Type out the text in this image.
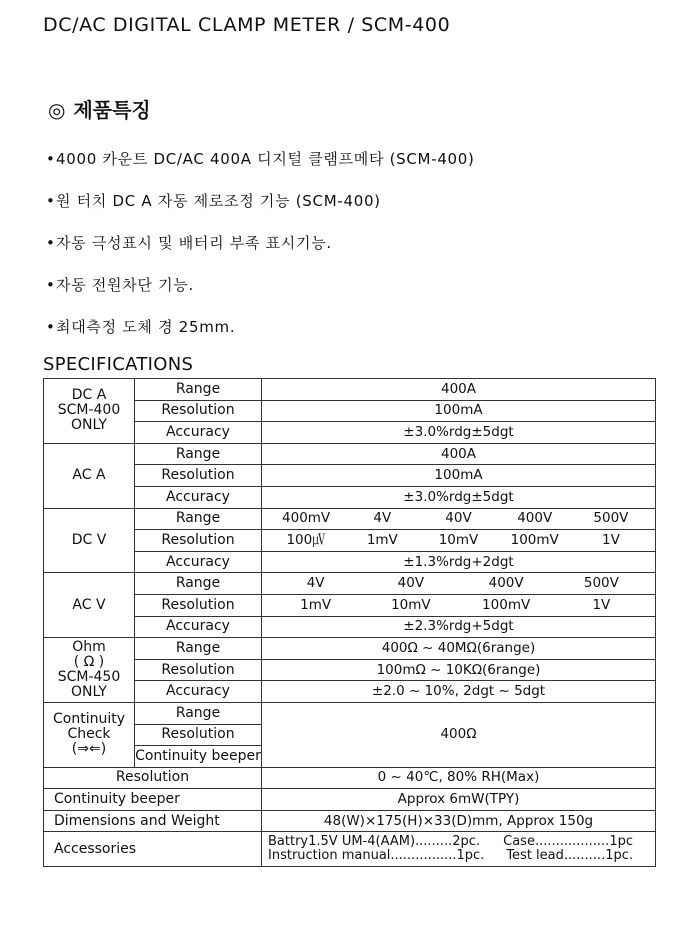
DC/AC DIGITAL CLAMP METER / SCM-400
◎ 제품특징
•4000 카운트 DC/AC 400A 디지털 클램프메타 (SCM-400)
•원 터치 DC A 자동 제로조정 기능 (SCM-400)
•자동 극성표시 및 배터리 부족 표시기능.
•자동 전원차단 기능.
•최대측정 도체 경 25mm.
SPECIFICATIONS
DC A
SCM-400
ONLY	Range	400A
	Resolution	100mA
	Accuracy	±3.0%rdg±5dgt
AC A	Range	400A
	Resolution	100mA
	Accuracy	±3.0%rdg±5dgt
DC V	Range	400mV 4V 40V 400V 500V

	Resolution	100㎶ 1mV 10mV 100mV 1V

	Accuracy	±1.3%rdg+2dgt
AC V	Range	4V 40V 400V 500V

	Resolution	1mV 10mV 100mV 1V

	Accuracy	±2.3%rdg+5dgt

Ohm
( Ω )
SCM-450
ONLY	Range	400Ω ~ 40MΩ(6range)
	Resolution	100mΩ ~ 10KΩ(6range)
	Accuracy	±2.0 ~ 10%, 2dgt ~ 5dgt

Continuity
Check
(⇒⇐)	Range	400Ω
	Resolution	
	Continuity beeper	
Resolution		0 ~ 40℃, 80% RH(Max)
Continuity beeper		Approx 6mW(TPY)
Dimensions and Weight		48(W)×175(H)×33(D)mm, Approx 150g
Accessories		Battry1.5V UM-4(AAM).........2pc. Case..................1pc
Instruction manual................1pc. Test lead..........1pc.
